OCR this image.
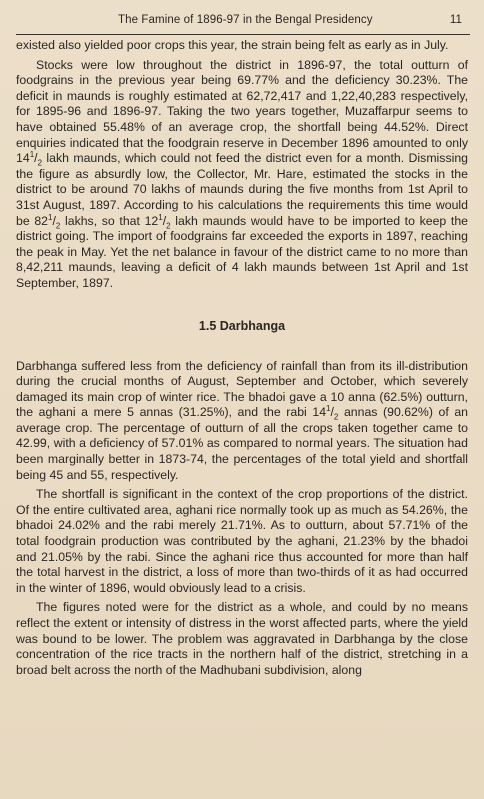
The Famine of 1896-97 in the Bengal Presidency	11

existed also yielded poor crops this year, the strain being felt as early as in July.

Stocks were low throughout the district in 1896-97, the total outturn of foodgrains in the previous year being 69.77% and the deficiency 30.23%. The deficit in maunds is roughly estimated at 62,72,417 and 1,22,40,283 respectively, for 1895-96 and 1896-97. Taking the two years together, Muzaffarpur seems to have obtained 55.48% of an average crop, the shortfall being 44.52%. Direct enquiries indicated that the foodgrain reserve in December 1896 amounted to only $14^1/_2$ lakh maunds, which could not feed the district even for a month. Dismissing the figure as absurdly low, the Collector, Mr. Hare, estimated the stocks in the district to be around 70 lakhs of maunds during the five months from 1st April to 31st August, 1897. According to his calculations the requirements this time would be $82^1/_2$ lakhs, so that $12^1/_2$ lakh maunds would have to be imported to keep the district going. The import of foodgrains far exceeded the exports in 1897, reaching the peak in May. Yet the net balance in favour of the district came to no more than 8,42,211 maunds, leaving a deficit of 4 lakh maunds between 1st April and 1st September, 1897.

1.5 Darbhanga

Darbhanga suffered less from the deficiency of rainfall than from its ill-distribution during the crucial months of August, September and October, which severely damaged its main crop of winter rice. The bhadoi gave a 10 anna (62.5%) outturn, the aghani a mere 5 annas (31.25%), and the rabi $14^1/_2$ annas (90.62%) of an average crop. The percentage of outturn of all the crops taken together came to 42.99, with a deficiency of 57.01% as compared to normal years. The situation had been marginally better in 1873-74, the percentages of the total yield and shortfall being 45 and 55, respectively.

The shortfall is significant in the context of the crop proportions of the district. Of the entire cultivated area, aghani rice normally took up as much as 54.26%, the bhadoi 24.02% and the rabi merely 21.71%. As to outturn, about 57.71% of the total foodgrain production was contributed by the aghani, 21.23% by the bhadoi and 21.05% by the rabi. Since the aghani rice thus accounted for more than half the total harvest in the district, a loss of more than two-thirds of it as had occurred in the winter of 1896, would obviously lead to a crisis.

The figures noted were for the district as a whole, and could by no means reflect the extent or intensity of distress in the worst affected parts, where the yield was bound to be lower. The problem was aggravated in Darbhanga by the close concentration of the rice tracts in the northern half of the district, stretching in a broad belt across the north of the Madhubani subdivision, along
